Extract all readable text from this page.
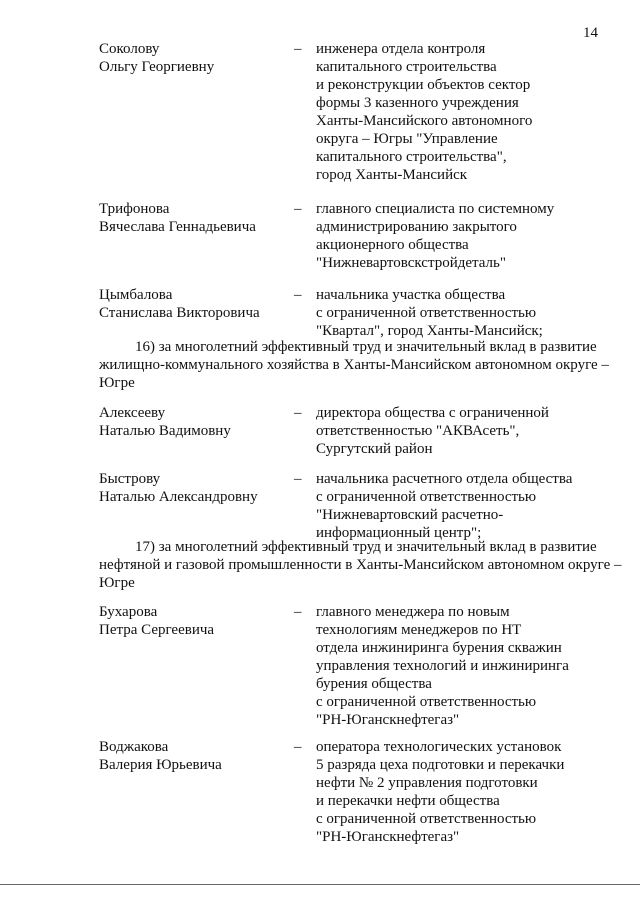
14
Соколову
Ольгу Георгиевну
– инженера отдела контроля
капитального строительства
и реконструкции объектов сектор
формы 3 казенного учреждения
Ханты-Мансийского автономного
округа – Югры "Управление
капитального строительства",
город Ханты-Мансийск
Трифонова
Вячеслава Геннадьевича
– главного специалиста по системному
администрированию закрытого
акционерного общества
"Нижневартовскстройдеталь"
Цымбалова
Станислава Викторовича
– начальника участка общества
с ограниченной ответственностью
"Квартал", город Ханты-Мансийск;
16) за многолетний эффективный труд и значительный вклад в развитие
жилищно-коммунального хозяйства в Ханты-Мансийском автономном округе –
Югре
Алексееву
Наталью Вадимовну
– директора общества с ограниченной
ответственностью "АКВАсеть",
Сургутский район
Быстрову
Наталью Александровну
– начальника расчетного отдела общества
с ограниченной ответственностью
"Нижневартовский расчетно-
информационный центр";
17) за многолетний эффективный труд и значительный вклад в развитие
нефтяной и газовой промышленности в Ханты-Мансийском автономном округе –
Югре
Бухарова
Петра Сергеевича
– главного менеджера по новым
технологиям менеджеров по НТ
отдела инжиниринга бурения скважин
управления технологий и инжиниринга
бурения общества
с ограниченной ответственностью
"РН-Юганскнефтегаз"
Воджакова
Валерия Юрьевича
– оператора технологических установок
5 разряда цеха подготовки и перекачки
нефти № 2 управления подготовки
и перекачки нефти общества
с ограниченной ответственностью
"РН-Юганскнефтегаз"
